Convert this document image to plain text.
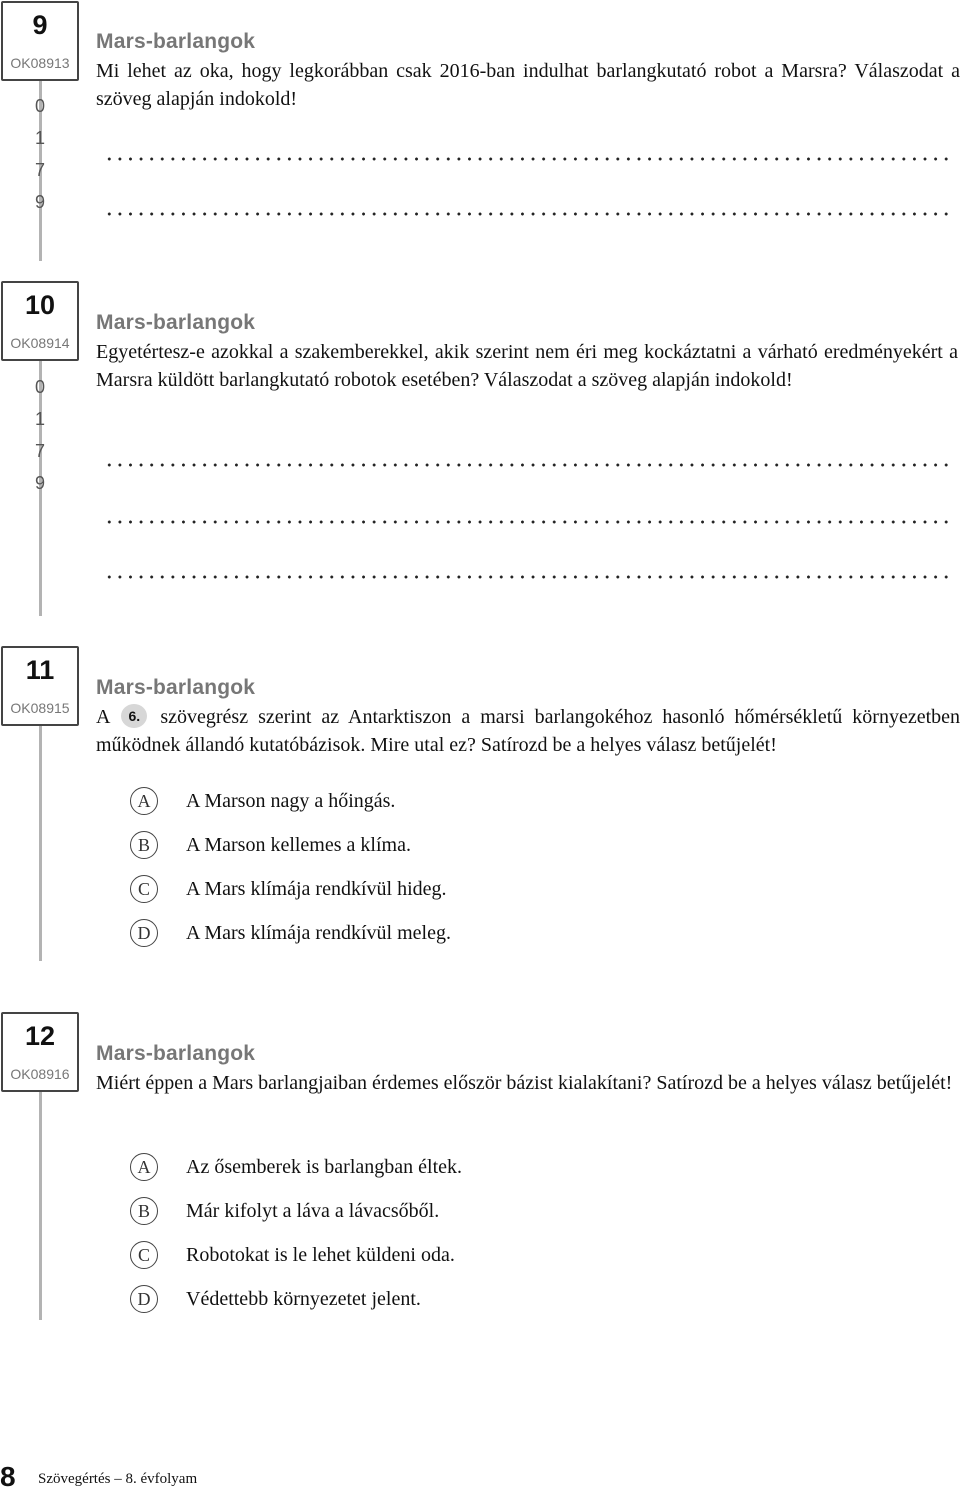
9
OK08913
0
1
7
9
Mars-barlangok

Mi lehet az oka, hogy legkorábban csak 2016-ban indulhat barlangkutató robot a Marsra? Válaszodat a szöveg alapján indokold!

10
OK08914
0
1
7
9
Mars-barlangok

Egyetértesz-e azokkal a szakemberekkel, akik szerint nem éri meg kockáztatni a várható eredményekért a Marsra küldött barlangkutató robotok esetében? Válaszodat a szöveg alapján indokold!

11
OK08915
Mars-barlangok

A 6. szövegrész szerint az Antarktiszon a marsi barlangokéhoz hasonló hőmérsékletű környezetben működnek állandó kutatóbázisok. Mire utal ez? Satírozd be a helyes válasz betűjelét!

A	A Marson nagy a hőingás.
B	A Marson kellemes a klíma.
C	A Mars klímája rendkívül hideg.
D	A Mars klímája rendkívül meleg.
12
OK08916
Mars-barlangok

Miért éppen a Mars barlangjaiban érdemes először bázist kialakítani? Satírozd be a helyes válasz betűjelét!

A	Az ősemberek is barlangban éltek.
B	Már kifolyt a láva a lávacsőből.
C	Robotokat is le lehet küldeni oda.
D	Védettebb környezetet jelent.
8 Szövegértés – 8. évfolyam
